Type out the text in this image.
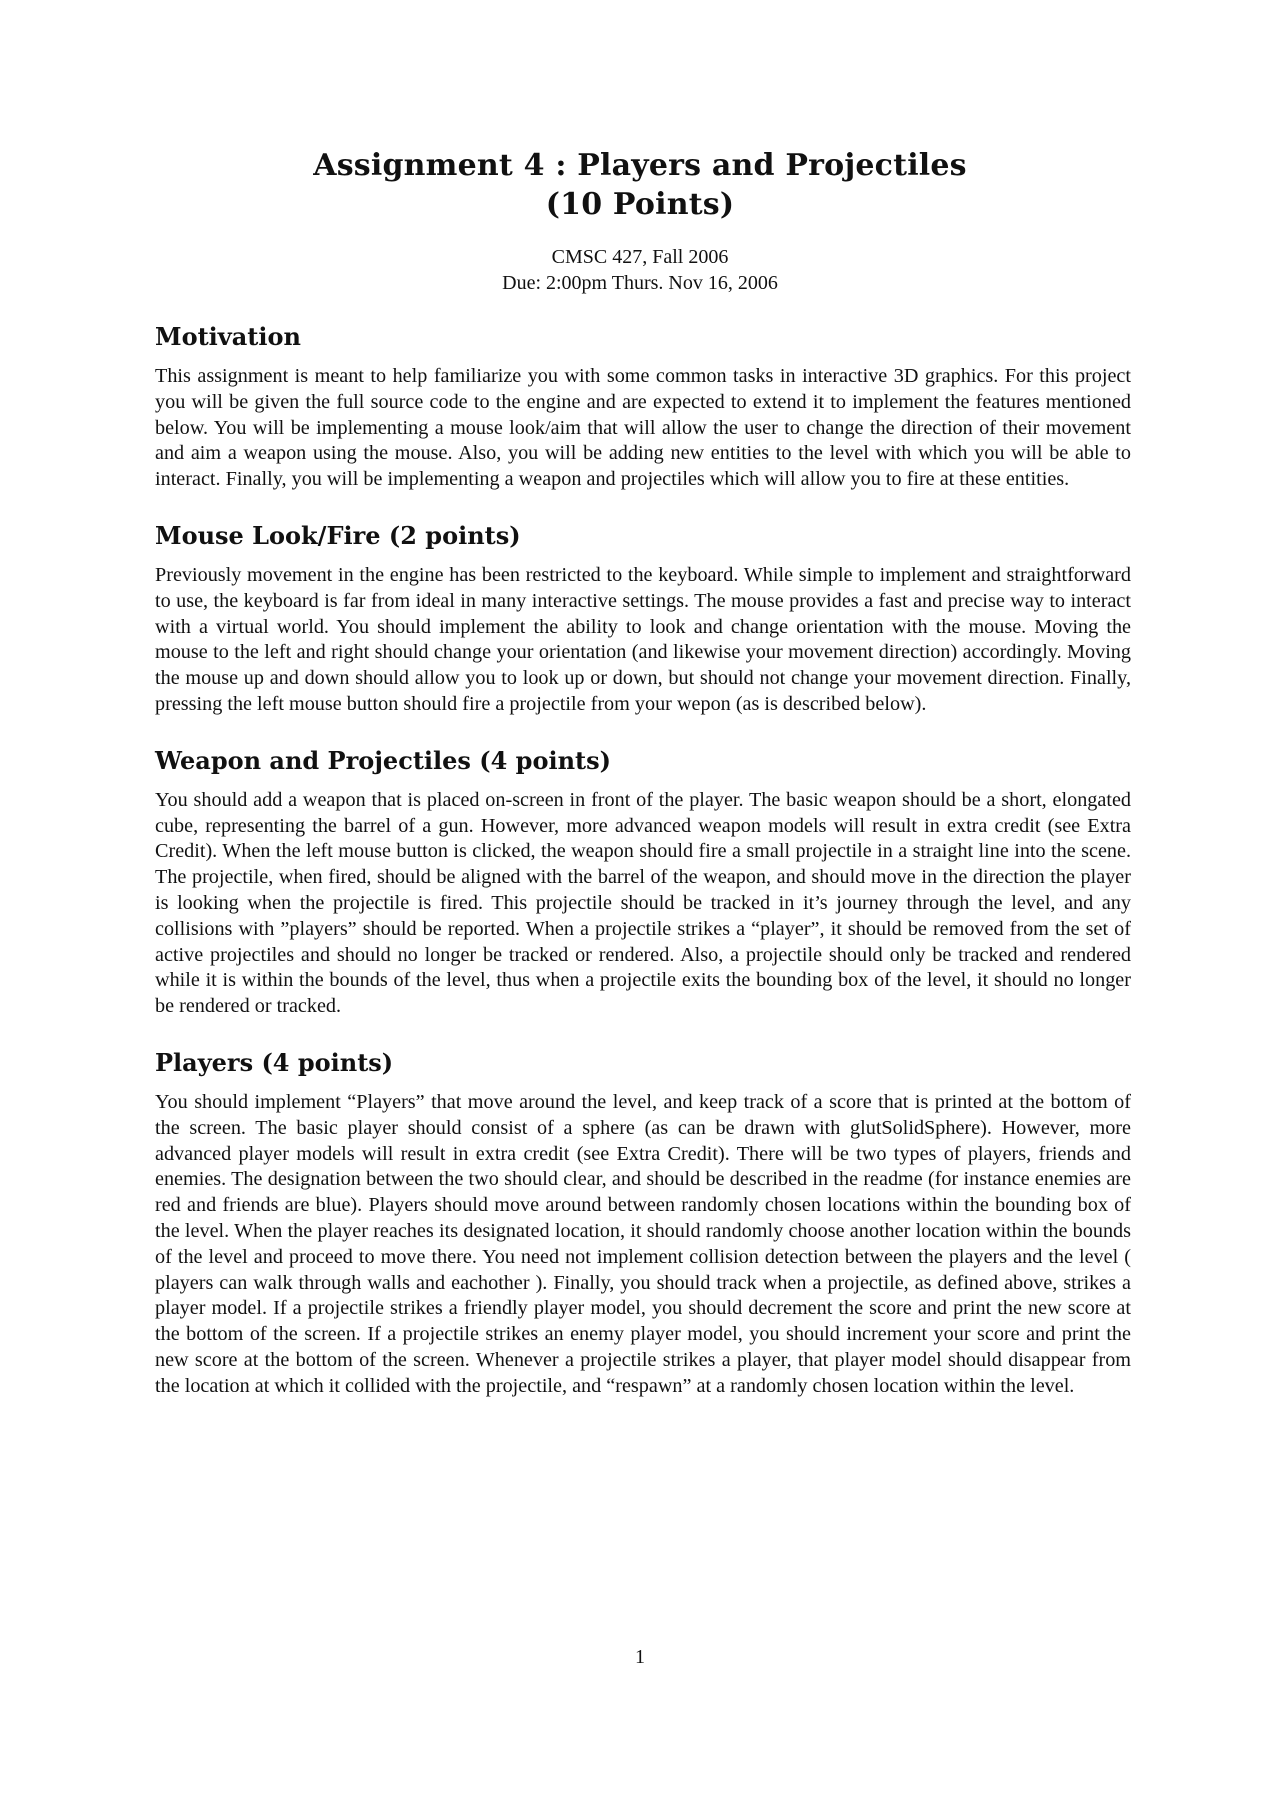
Assignment 4 : Players and Projectiles
(10 Points)
CMSC 427, Fall 2006
Due: 2:00pm Thurs. Nov 16, 2006
Motivation

This assignment is meant to help familiarize you with some common tasks in interactive 3D graphics. For this project you will be given the full source code to the engine and are expected to extend it to implement the features mentioned below. You will be implementing a mouse look/aim that will allow the user to change the direction of their movement and aim a weapon using the mouse. Also, you will be adding new entities to the level with which you will be able to interact. Finally, you will be implementing a weapon and projectiles which will allow you to fire at these entities.

Mouse Look/Fire (2 points)

Previously movement in the engine has been restricted to the keyboard. While simple to implement and straightforward to use, the keyboard is far from ideal in many interactive settings. The mouse provides a fast and precise way to interact with a virtual world. You should implement the ability to look and change orientation with the mouse. Moving the mouse to the left and right should change your orientation (and likewise your movement direction) accordingly. Moving the mouse up and down should allow you to look up or down, but should not change your movement direction. Finally, pressing the left mouse button should fire a projectile from your wepon (as is described below).

Weapon and Projectiles (4 points)

You should add a weapon that is placed on-screen in front of the player. The basic weapon should be a short, elongated cube, representing the barrel of a gun. However, more advanced weapon models will result in extra credit (see Extra Credit). When the left mouse button is clicked, the weapon should fire a small projectile in a straight line into the scene. The projectile, when fired, should be aligned with the barrel of the weapon, and should move in the direction the player is looking when the projectile is fired. This projectile should be tracked in it’s journey through the level, and any collisions with ”players” should be reported. When a projectile strikes a “player”, it should be removed from the set of active projectiles and should no longer be tracked or rendered. Also, a projectile should only be tracked and rendered while it is within the bounds of the level, thus when a projectile exits the bounding box of the level, it should no longer be rendered or tracked.

Players (4 points)

You should implement “Players” that move around the level, and keep track of a score that is printed at the bottom of the screen. The basic player should consist of a sphere (as can be drawn with glutSolidSphere). However, more advanced player models will result in extra credit (see Extra Credit). There will be two types of players, friends and enemies. The designation between the two should clear, and should be described in the readme (for instance enemies are red and friends are blue). Players should move around between randomly chosen locations within the bounding box of the level. When the player reaches its designated location, it should randomly choose another location within the bounds of the level and proceed to move there. You need not implement collision detection between the players and the level ( players can walk through walls and eachother ). Finally, you should track when a projectile, as defined above, strikes a player model. If a projectile strikes a friendly player model, you should decrement the score and print the new score at the bottom of the screen. If a projectile strikes an enemy player model, you should increment your score and print the new score at the bottom of the screen. Whenever a projectile strikes a player, that player model should disappear from the location at which it collided with the projectile, and “respawn” at a randomly chosen location within the level.

1
